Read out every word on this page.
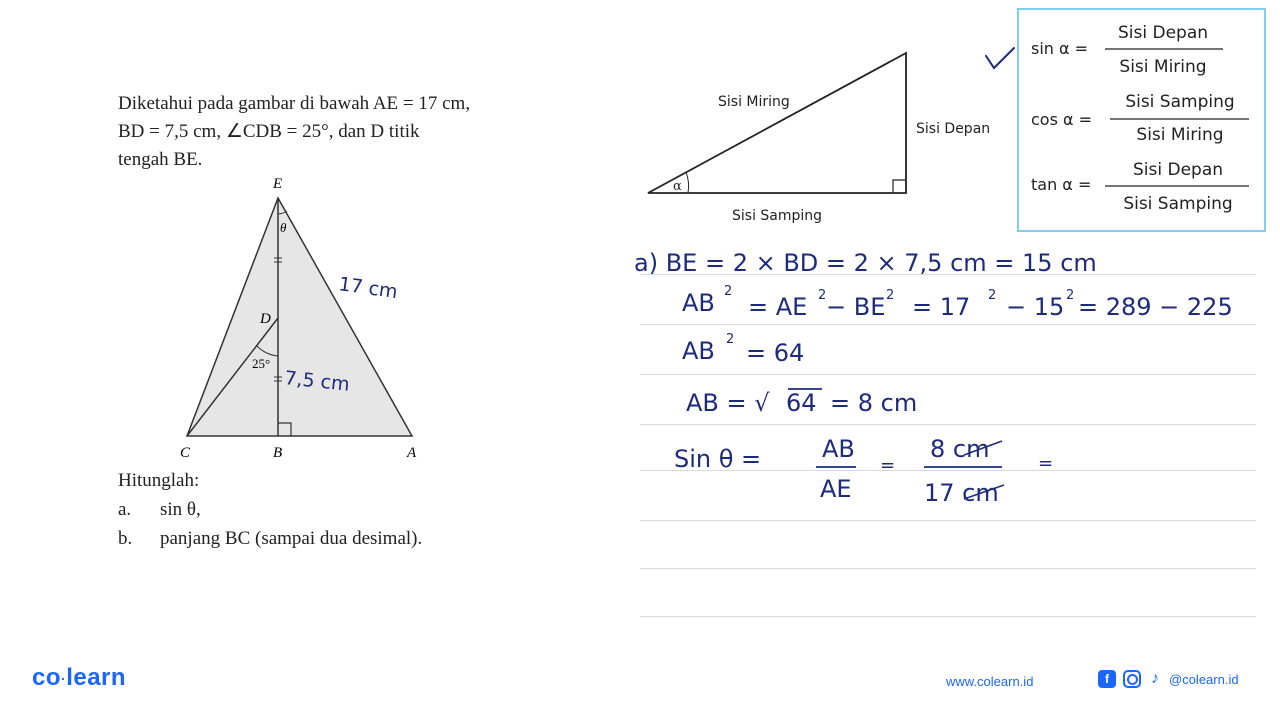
Diketahui pada gambar di bawah AE = 17 cm,

BD = 7,5 cm, ∠CDB = 25°, dan D titik

tengah BE.

E
D
C	B	A
θ
25°
17 cm
7,5 cm
Hitunglah:
a.	sin θ,
b.	panjang BC (sampai dua desimal).
Sisi Miring
Sisi Depan
Sisi Samping
α
sin α =
Sisi Depan
Sisi Miring
cos α =
Sisi Samping
Sisi Miring
tan α =
Sisi Depan
Sisi Samping
a) BE = 2 × BD = 2 × 7,5 cm = 15 cm
AB 2
= AE 2 − BE 2 = 17 2 − 15 2 = 289 − 225
AB 2 = 64
AB = √ 64 = 8 cm
Sin θ =	AB
AE
=
8 cm
17 cm
=
co·learn	www.colearn.id	f	♪ @colearn.id
